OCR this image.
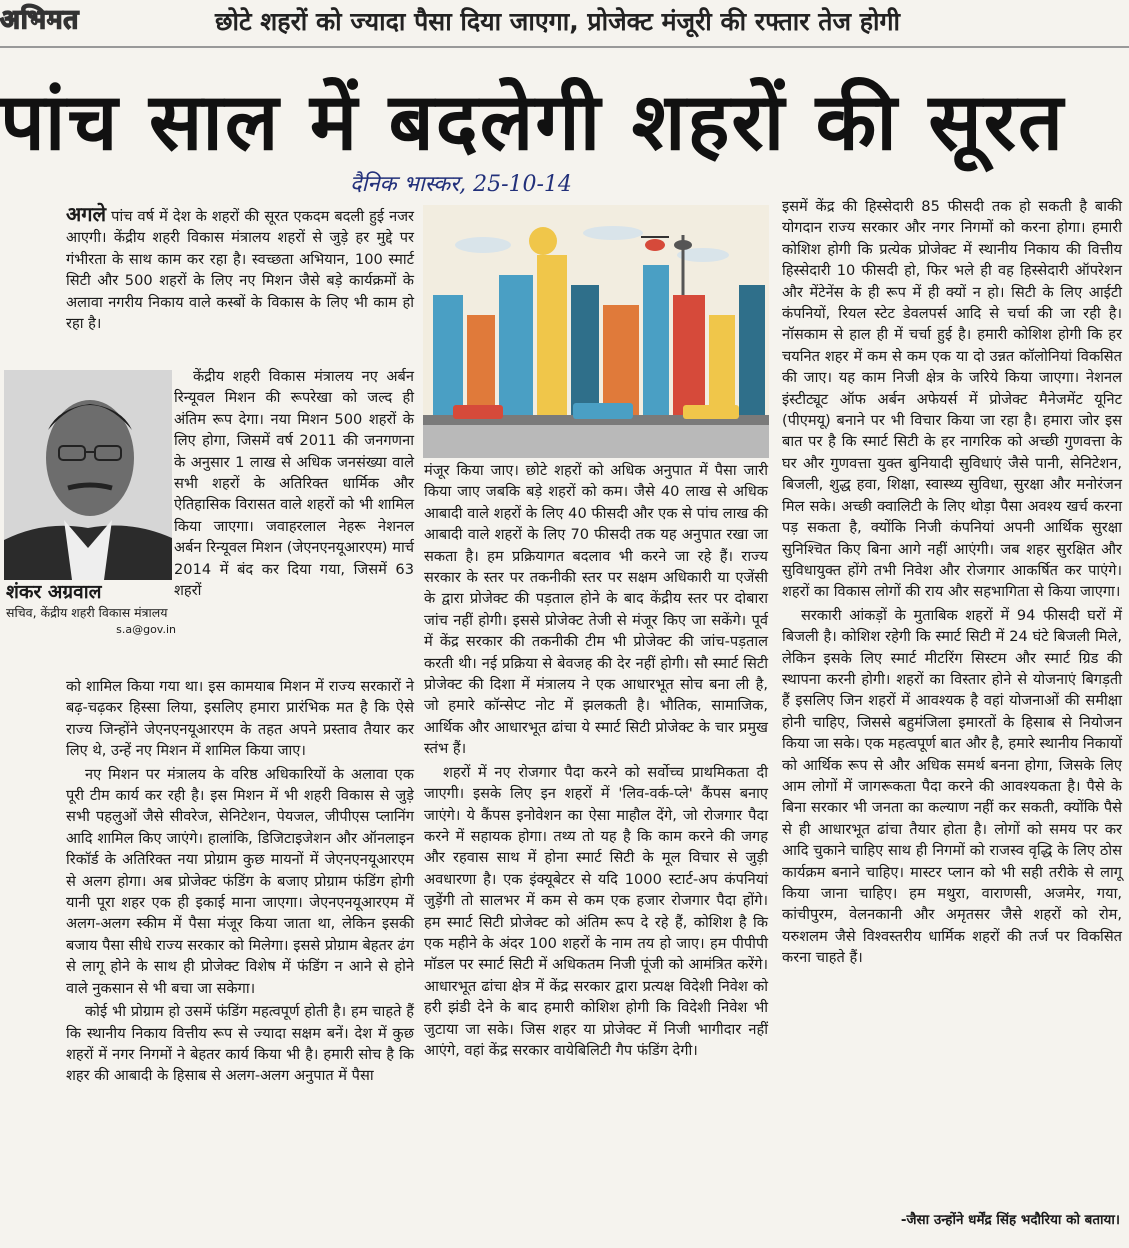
अभिमत	छोटे शहरों को ज्यादा पैसा दिया जाएगा, प्रोजेक्ट मंजूरी की रफ्तार तेज होगी
पांच साल में बदलेगी शहरों की सूरत
दैनिक भास्कर, 25-10-14

अगले पांच वर्ष में देश के शहरों की सूरत एकदम बदली हुई नजर आएगी। केंद्रीय शहरी विकास मंत्रालय शहरों से जुड़े हर मुद्दे पर गंभीरता के साथ काम कर रहा है। स्वच्छता अभियान, 100 स्मार्ट सिटी और 500 शहरों के लिए नए मिशन जैसे बड़े कार्यक्रमों के अलावा नगरीय निकाय वाले कस्बों के विकास के लिए भी काम हो रहा है।

शंकर अग्रवाल
सचिव, केंद्रीय शहरी विकास मंत्रालय
s.a@gov.in

केंद्रीय शहरी विकास मंत्रालय नए अर्बन रिन्यूवल मिशन की रूपरेखा को जल्द ही अंतिम रूप देगा। नया मिशन 500 शहरों के लिए होगा, जिसमें वर्ष 2011 की जनगणना के अनुसार 1 लाख से अधिक जनसंख्या वाले सभी शहरों के अतिरिक्त धार्मिक और ऐतिहासिक विरासत वाले शहरों को भी शामिल किया जाएगा। जवाहरलाल नेहरू नेशनल अर्बन रिन्यूवल मिशन (जेएनएनयूआरएम) मार्च 2014 में बंद कर दिया गया, जिसमें 63 शहरों

को शामिल किया गया था। इस कामयाब मिशन में राज्य सरकारों ने बढ़-चढ़कर हिस्सा लिया, इसलिए हमारा प्रारंभिक मत है कि ऐसे राज्य जिन्होंने जेएनएनयूआरएम के तहत अपने प्रस्ताव तैयार कर लिए थे, उन्हें नए मिशन में शामिल किया जाए।

नए मिशन पर मंत्रालय के वरिष्ठ अधिकारियों के अलावा एक पूरी टीम कार्य कर रही है। इस मिशन में भी शहरी विकास से जुड़े सभी पहलुओं जैसे सीवरेज, सेनिटेशन, पेयजल, जीपीएस प्लानिंग आदि शामिल किए जाएंगे। हालांकि, डिजिटाइजेशन और ऑनलाइन रिकॉर्ड के अतिरिक्त नया प्रोग्राम कुछ मायनों में जेएनएनयूआरएम से अलग होगा। अब प्रोजेक्ट फंडिंग के बजाए प्रोग्राम फंडिंग होगी यानी पूरा शहर एक ही इकाई माना जाएगा। जेएनएनयूआरएम में अलग-अलग स्कीम में पैसा मंजूर किया जाता था, लेकिन इसकी बजाय पैसा सीधे राज्य सरकार को मिलेगा। इससे प्रोग्राम बेहतर ढंग से लागू होने के साथ ही प्रोजेक्ट विशेष में फंडिंग न आने से होने वाले नुकसान से भी बचा जा सकेगा।

कोई भी प्रोग्राम हो उसमें फंडिंग महत्वपूर्ण होती है। हम चाहते हैं कि स्थानीय निकाय वित्तीय रूप से ज्यादा सक्षम बनें। देश में कुछ शहरों में नगर निगमों ने बेहतर कार्य किया भी है। हमारी सोच है कि शहर की आबादी के हिसाब से अलग-अलग अनुपात में पैसा

मंजूर किया जाए। छोटे शहरों को अधिक अनुपात में पैसा जारी किया जाए जबकि बड़े शहरों को कम। जैसे 40 लाख से अधिक आबादी वाले शहरों के लिए 40 फीसदी और एक से पांच लाख की आबादी वाले शहरों के लिए 70 फीसदी तक यह अनुपात रखा जा सकता है। हम प्रक्रियागत बदलाव भी करने जा रहे हैं। राज्य सरकार के स्तर पर तकनीकी स्तर पर सक्षम अधिकारी या एजेंसी के द्वारा प्रोजेक्ट की पड़ताल होने के बाद केंद्रीय स्तर पर दोबारा जांच नहीं होगी। इससे प्रोजेक्ट तेजी से मंजूर किए जा सकेंगे। पूर्व में केंद्र सरकार की तकनीकी टीम भी प्रोजेक्ट की जांच-पड़ताल करती थी। नई प्रक्रिया से बेवजह की देर नहीं होगी। सौ स्मार्ट सिटी प्रोजेक्ट की दिशा में मंत्रालय ने एक आधारभूत सोच बना ली है, जो हमारे कॉन्सेप्ट नोट में झलकती है। भौतिक, सामाजिक, आर्थिक और आधारभूत ढांचा ये स्मार्ट सिटी प्रोजेक्ट के चार प्रमुख स्तंभ हैं।

शहरों में नए रोजगार पैदा करने को सर्वोच्च प्राथमिकता दी जाएगी। इसके लिए इन शहरों में 'लिव-वर्क-प्ले' कैंपस बनाए जाएंगे। ये कैंपस इनोवेशन का ऐसा माहौल देंगे, जो रोजगार पैदा करने में सहायक होगा। तथ्य तो यह है कि काम करने की जगह और रहवास साथ में होना स्मार्ट सिटी के मूल विचार से जुड़ी अवधारणा है। एक इंक्यूबेटर से यदि 1000 स्टार्ट-अप कंपनियां जुड़ेंगी तो सालभर में कम से कम एक हजार रोजगार पैदा होंगे। हम स्मार्ट सिटी प्रोजेक्ट को अंतिम रूप दे रहे हैं, कोशिश है कि एक महीने के अंदर 100 शहरों के नाम तय हो जाए। हम पीपीपी मॉडल पर स्मार्ट सिटी में अधिकतम निजी पूंजी को आमंत्रित करेंगे। आधारभूत ढांचा क्षेत्र में केंद्र सरकार द्वारा प्रत्यक्ष विदेशी निवेश को हरी झंडी देने के बाद हमारी कोशिश होगी कि विदेशी निवेश भी जुटाया जा सके। जिस शहर या प्रोजेक्ट में निजी भागीदार नहीं आएंगे, वहां केंद्र सरकार वायेबिलिटी गैप फंडिंग देगी।

इसमें केंद्र की हिस्सेदारी 85 फीसदी तक हो सकती है बाकी योगदान राज्य सरकार और नगर निगमों को करना होगा। हमारी कोशिश होगी कि प्रत्येक प्रोजेक्ट में स्थानीय निकाय की वित्तीय हिस्सेदारी 10 फीसदी हो, फिर भले ही वह हिस्सेदारी ऑपरेशन और मेंटेनेंस के ही रूप में ही क्यों न हो। सिटी के लिए आईटी कंपनियों, रियल स्टेट डेवलपर्स आदि से चर्चा की जा रही है। नॉसकाम से हाल ही में चर्चा हुई है। हमारी कोशिश होगी कि हर चयनित शहर में कम से कम एक या दो उन्नत कॉलोनियां विकसित की जाए। यह काम निजी क्षेत्र के जरिये किया जाएगा। नेशनल इंस्टीट्यूट ऑफ अर्बन अफेयर्स में प्रोजेक्ट मैनेजमेंट यूनिट (पीएमयू) बनाने पर भी विचार किया जा रहा है। हमारा जोर इस बात पर है कि स्मार्ट सिटी के हर नागरिक को अच्छी गुणवत्ता के घर और गुणवत्ता युक्त बुनियादी सुविधाएं जैसे पानी, सेनिटेशन, बिजली, शुद्ध हवा, शिक्षा, स्वास्थ्य सुविधा, सुरक्षा और मनोरंजन मिल सके। अच्छी क्वालिटी के लिए थोड़ा पैसा अवश्य खर्च करना पड़ सकता है, क्योंकि निजी कंपनियां अपनी आर्थिक सुरक्षा सुनिश्चित किए बिना आगे नहीं आएंगी। जब शहर सुरक्षित और सुविधायुक्त होंगे तभी निवेश और रोजगार आकर्षित कर पाएंगे। शहरों का विकास लोगों की राय और सहभागिता से किया जाएगा।

सरकारी आंकड़ों के मुताबिक शहरों में 94 फीसदी घरों में बिजली है। कोशिश रहेगी कि स्मार्ट सिटी में 24 घंटे बिजली मिले, लेकिन इसके लिए स्मार्ट मीटरिंग सिस्टम और स्मार्ट ग्रिड की स्थापना करनी होगी। शहरों का विस्तार होने से योजनाएं बिगड़ती हैं इसलिए जिन शहरों में आवश्यक है वहां योजनाओं की समीक्षा होनी चाहिए, जिससे बहुमंजिला इमारतों के हिसाब से नियोजन किया जा सके। एक महत्वपूर्ण बात और है, हमारे स्थानीय निकायों को आर्थिक रूप से और अधिक समर्थ बनना होगा, जिसके लिए आम लोगों में जागरूकता पैदा करने की आवश्यकता है। पैसे के बिना सरकार भी जनता का कल्याण नहीं कर सकती, क्योंकि पैसे से ही आधारभूत ढांचा तैयार होता है। लोगों को समय पर कर आदि चुकाने चाहिए साथ ही निगमों को राजस्व वृद्धि के लिए ठोस कार्यक्रम बनाने चाहिए। मास्टर प्लान को भी सही तरीके से लागू किया जाना चाहिए। हम मथुरा, वाराणसी, अजमेर, गया, कांचीपुरम, वेलनकानी और अमृतसर जैसे शहरों को रोम, यरुशलम जैसे विश्वस्तरीय धार्मिक शहरों की तर्ज पर विकसित करना चाहते हैं।

-जैसा उन्होंने धर्मेंद्र सिंह भदौरिया को बताया।
